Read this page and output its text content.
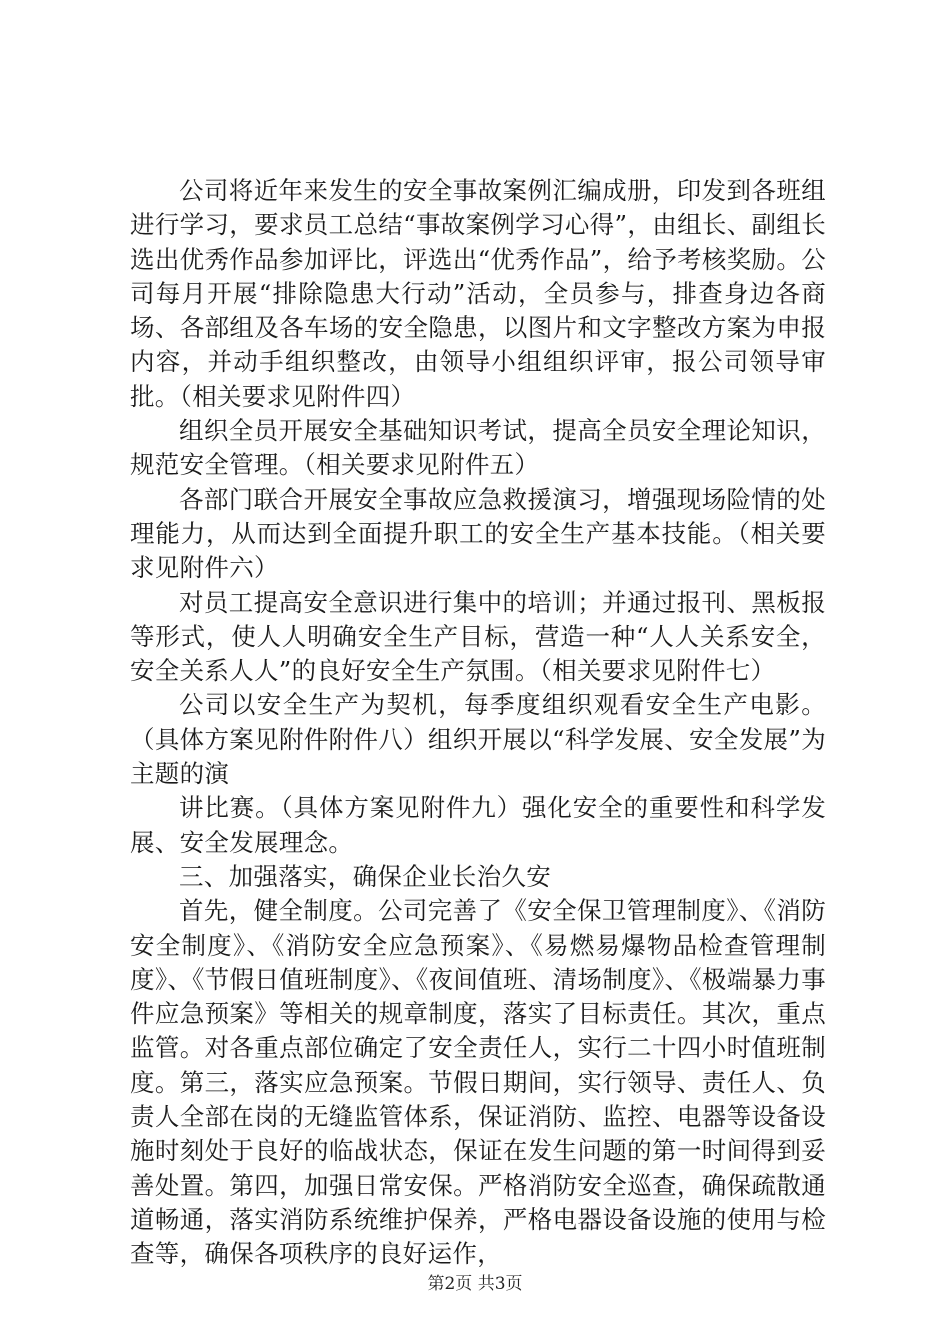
公司将近年来发生的安全事故案例汇编成册，印发到各班组进行学习，要求员工总结“事故案例学习心得”，由组长、副组长选出优秀作品参加评比，评选出“优秀作品”，给予考核奖励。公司每月开展“排除隐患大行动”活动，全员参与，排查身边各商场、各部组及各车场的安全隐患，以图片和文字整改方案为申报内容，并动手组织整改，由领导小组组织评审，报公司领导审批。（相关要求见附件四）

组织全员开展安全基础知识考试，提高全员安全理论知识，规范安全管理。（相关要求见附件五）

各部门联合开展安全事故应急救援演习，增强现场险情的处理能力，从而达到全面提升职工的安全生产基本技能。（相关要求见附件六）

对员工提高安全意识进行集中的培训；并通过报刊、黑板报等形式，使人人明确安全生产目标，营造一种“人人关系安全，安全关系人人”的良好安全生产氛围。（相关要求见附件七）

公司以安全生产为契机，每季度组织观看安全生产电影。（具体方案见附件附件八）组织开展以“科学发展、安全发展”为主题的演

讲比赛。（具体方案见附件九）强化安全的重要性和科学发展、安全发展理念。

三、加强落实，确保企业长治久安

首先，健全制度。公司完善了《安全保卫管理制度》、《消防安全制度》、《消防安全应急预案》、《易燃易爆物品检查管理制度》、《节假日值班制度》、《夜间值班、清场制度》、《极端暴力事件应急预案》等相关的规章制度，落实了目标责任。其次，重点监管。对各重点部位确定了安全责任人，实行二十四小时值班制度。第三，落实应急预案。节假日期间，实行领导、责任人、负责人全部在岗的无缝监管体系，保证消防、监控、电器等设备设施时刻处于良好的临战状态，保证在发生问题的第一时间得到妥善处置。第四，加强日常安保。严格消防安全巡查，确保疏散通道畅通，落实消防系统维护保养，严格电器设备设施的使用与检查等，确保各项秩序的良好运作，

第2页 共3页
